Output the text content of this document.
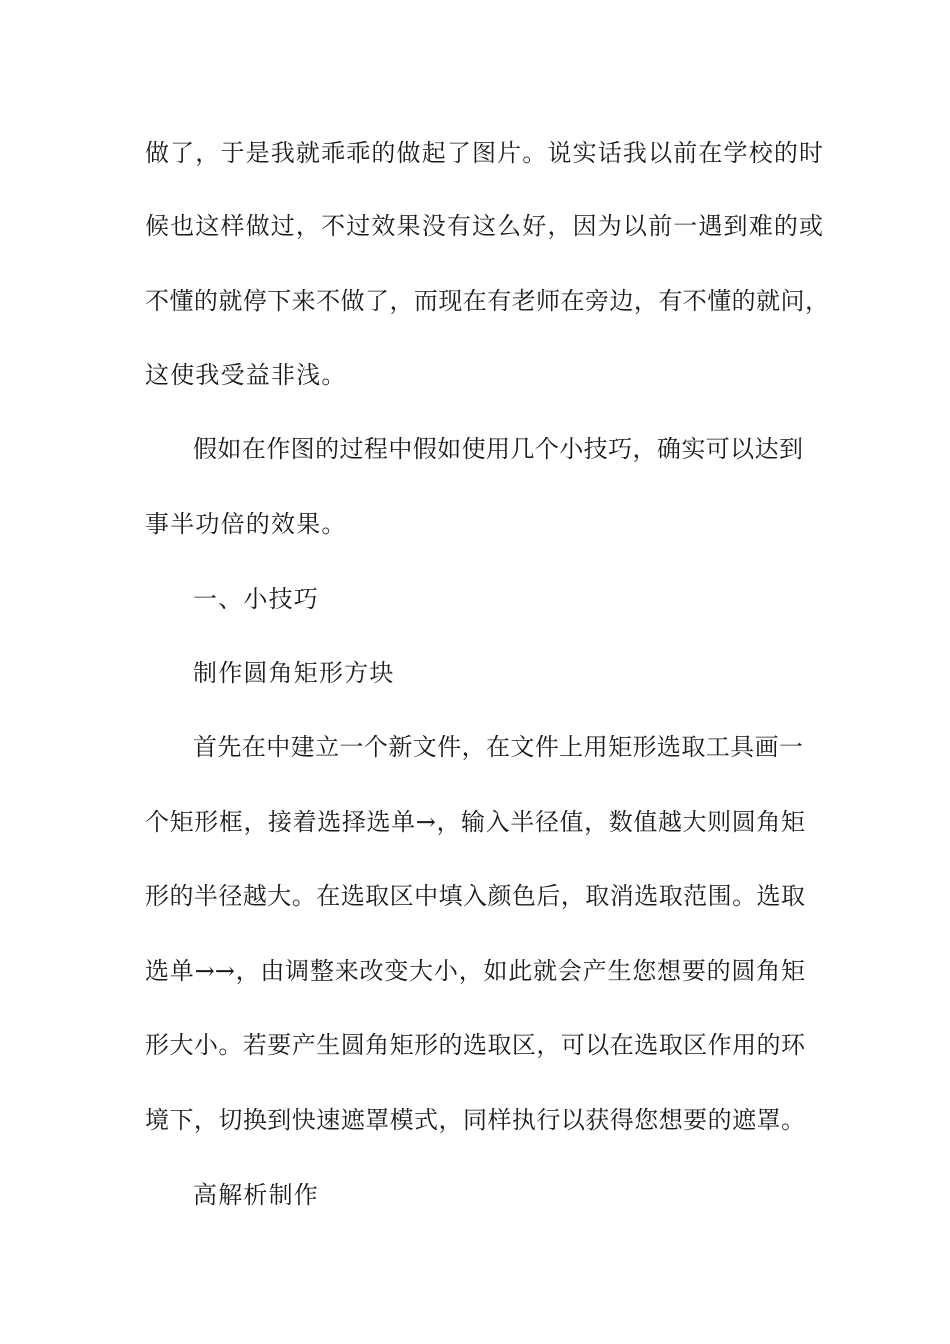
做了，于是我就乖乖的做起了图片。说实话我以前在学校的时
候也这样做过，不过效果没有这么好，因为以前一遇到难的或
不懂的就停下来不做了，而现在有老师在旁边，有不懂的就问，
这使我受益非浅。
假如在作图的过程中假如使用几个小技巧，确实可以达到
事半功倍的效果。
一、小技巧
制作圆角矩形方块
首先在中建立一个新文件，在文件上用矩形选取工具画一
个矩形框，接着选择选单→，输入半径值，数值越大则圆角矩
形的半径越大。在选取区中填入颜色后，取消选取范围。选取
选单→→，由调整来改变大小，如此就会产生您想要的圆角矩
形大小。若要产生圆角矩形的选取区，可以在选取区作用的环
境下，切换到快速遮罩模式，同样执行以获得您想要的遮罩。
高解析制作
